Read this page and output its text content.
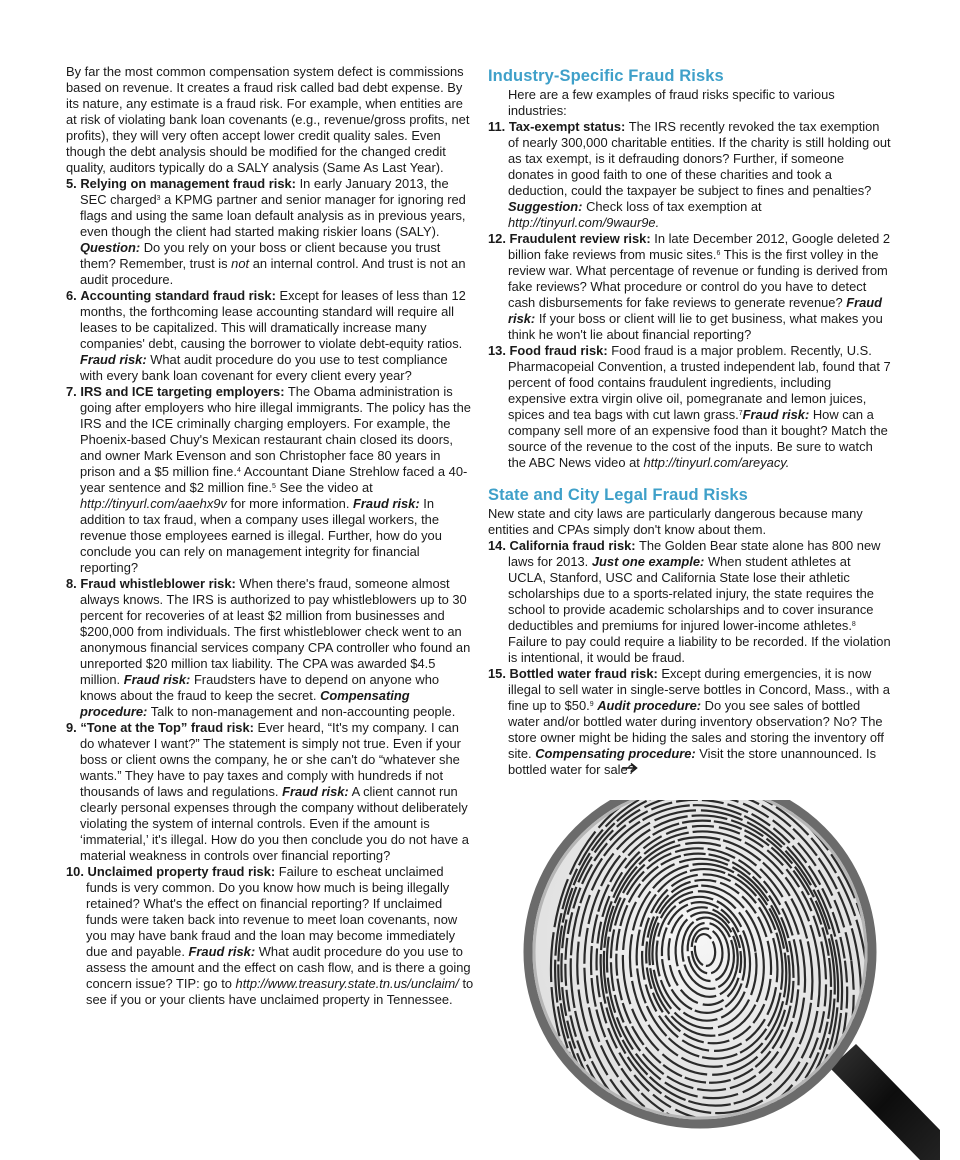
By far the most common compensation system defect is commissions based on revenue. It creates a fraud risk called bad debt expense. By its nature, any estimate is a fraud risk. For example, when entities are at risk of violating bank loan covenants (e.g., revenue/gross profits, net profits), they will very often accept lower credit quality sales. Even though the debt analysis should be modified for the changed credit quality, auditors typically do a SALY analysis (Same As Last Year).

5. Relying on management fraud risk: In early January 2013, the SEC charged$^3$ a KPMG partner and senior manager for ignoring red flags and using the same loan default analysis as in previous years, even though the client had started making riskier loans (SALY). Question: Do you rely on your boss or client because you trust them? Remember, trust is not an internal control. And trust is not an audit procedure.

6. Accounting standard fraud risk: Except for leases of less than 12 months, the forthcoming lease accounting standard will require all leases to be capitalized. This will dramatically increase many companies' debt, causing the borrower to violate debt-equity ratios. Fraud risk: What audit procedure do you use to test compliance with every bank loan covenant for every client every year?

7. IRS and ICE targeting employers: The Obama administration is going after employers who hire illegal immigrants. The policy has the IRS and the ICE criminally charging employers. For example, the Phoenix-based Chuy's Mexican restaurant chain closed its doors, and owner Mark Evenson and son Christopher face 80 years in prison and a $5 million fine.$^4$ Accountant Diane Strehlow faced a 40-year sentence and $2 million fine.$^5$ See the video at http://tinyurl.com/aaehx9v for more information. Fraud risk: In addition to tax fraud, when a company uses illegal workers, the revenue those employees earned is illegal. Further, how do you conclude you can rely on management integrity for financial reporting?

8. Fraud whistleblower risk: When there's fraud, someone almost always knows. The IRS is authorized to pay whistleblowers up to 30 percent for recoveries of at least $2 million from businesses and $200,000 from individuals. The first whistleblower check went to an anonymous financial services company CPA controller who found an unreported $20 million tax liability. The CPA was awarded $4.5 million. Fraud risk: Fraudsters have to depend on anyone who knows about the fraud to keep the secret. Compensating procedure: Talk to non-management and non-accounting people.

9. “Tone at the Top” fraud risk: Ever heard, “It's my company. I can do whatever I want?” The statement is simply not true. Even if your boss or client owns the company, he or she can't do “whatever she wants.” They have to pay taxes and comply with hundreds if not thousands of laws and regulations. Fraud risk: A client cannot run clearly personal expenses through the company without deliberately violating the system of internal controls. Even if the amount is ‘immaterial,’ it's illegal. How do you then conclude you do not have a material weakness in controls over financial reporting?

10. Unclaimed property fraud risk: Failure to escheat unclaimed funds is very common. Do you know how much is being illegally retained? What's the effect on financial reporting? If unclaimed funds were taken back into revenue to meet loan covenants, now you may have bank fraud and the loan may become immediately due and payable. Fraud risk: What audit procedure do you use to assess the amount and the effect on cash flow, and is there a going concern issue? TIP: go to http://www.treasury.state.tn.us/unclaim/ to see if you or your clients have unclaimed property in Tennessee.

Industry-Specific Fraud Risks

Here are a few examples of fraud risks specific to various industries:

11. Tax-exempt status: The IRS recently revoked the tax exemption of nearly 300,000 charitable entities. If the charity is still holding out as tax exempt, is it defrauding donors? Further, if someone donates in good faith to one of these charities and took a deduction, could the taxpayer be subject to fines and penalties? Suggestion: Check loss of tax exemption at http://tinyurl.com/9waur9e.

12. Fraudulent review risk: In late December 2012, Google deleted 2 billion fake reviews from music sites.$^6$ This is the first volley in the review war. What percentage of revenue or funding is derived from fake reviews? What procedure or control do you have to detect cash disbursements for fake reviews to generate revenue? Fraud risk: If your boss or client will lie to get business, what makes you think he won't lie about financial reporting?

13. Food fraud risk: Food fraud is a major problem. Recently, U.S. Pharmacopeial Convention, a trusted independent lab, found that 7 percent of food contains fraudulent ingredients, including expensive extra virgin olive oil, pomegranate and lemon juices, spices and tea bags with cut lawn grass.$^7$Fraud risk: How can a company sell more of an expensive food than it bought? Match the source of the revenue to the cost of the inputs. Be sure to watch the ABC News video at http://tinyurl.com/areyacy.

State and City Legal Fraud Risks

New state and city laws are particularly dangerous because many entities and CPAs simply don't know about them.

14. California fraud risk: The Golden Bear state alone has 800 new laws for 2013. Just one example: When student athletes at UCLA, Stanford, USC and California State lose their athletic scholarships due to a sports-related injury, the state requires the school to provide academic scholarships and to cover insurance deductibles and premiums for injured lower-income athletes.$^8$ Failure to pay could require a liability to be recorded. If the violation is intentional, it would be fraud.

15. Bottled water fraud risk: Except during emergencies, it is now illegal to sell water in single-serve bottles in Concord, Mass., with a fine up to $50.$^9$ Audit procedure: Do you see sales of bottled water and/or bottled water during inventory observation? No? The store owner might be hiding the sales and storing the inventory off site. Compensating procedure: Visit the store unannounced. Is bottled water for sale?
